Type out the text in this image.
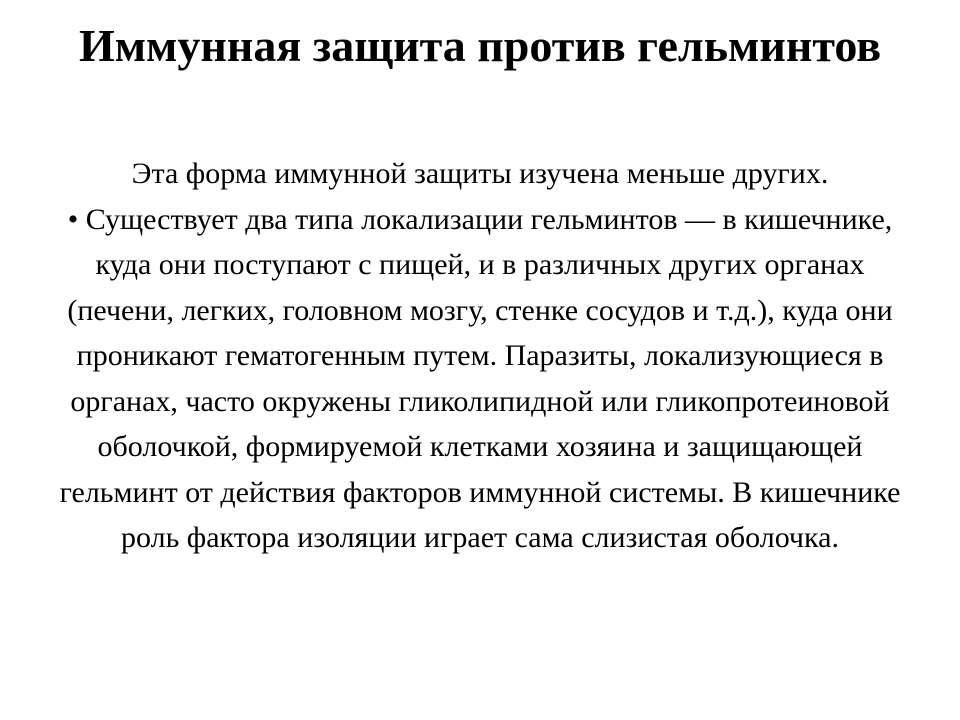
Иммунная защита против гельминтов

Эта форма иммунной защиты изучена меньше других.

• Существует два типа локализации гельминтов — в кишечнике, куда они поступают с пищей, и в различных других органах (печени, легких, головном мозгу, стенке сосудов и т.д.), куда они проникают гематогенным путем. Паразиты, локализующиеся в органах, часто окружены гликолипидной или гликопротеиновой оболочкой, формируемой клетками хозяина и защищающей гельминт от действия факторов иммунной системы. В кишечнике роль фактора изоляции играет сама слизистая оболочка.
